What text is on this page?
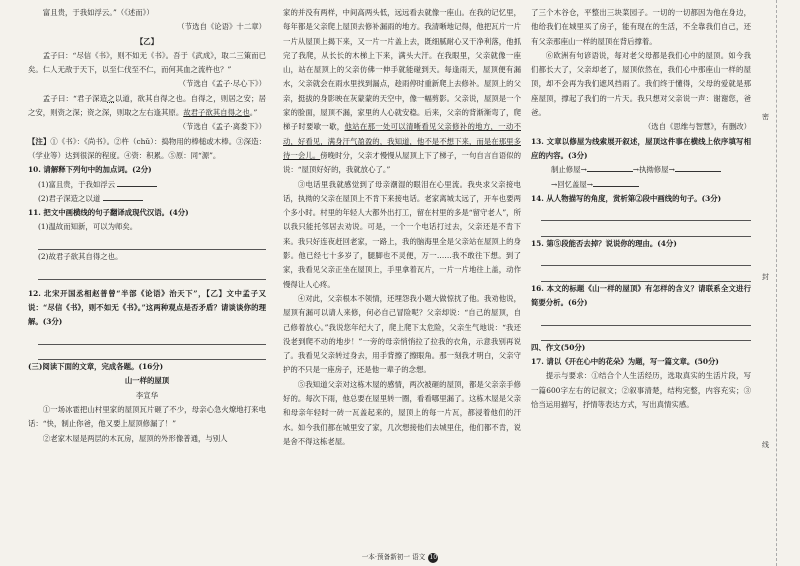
富且贵，于我如浮云。”（《述而》）

（节选自《论语》十二章）

【乙】

孟子曰：“尽信《书》，则不如无《书》。吾于《武成》，取二三策而已矣。仁人无敌于天下，以至仁伐至不仁，而何其血之流杵也？”

（节选自《孟子·尽心下》）

孟子曰：“君子深造之以道，欲其自得之也。自得之，则居之安；居之安，则资之深；资之深，则取之左右逢其原。故君子欲其自得之也。”

（节选自《孟子·离娄下》）

【注】①《书》：《尚书》。②杵（chǔ）：捣物用的棒槌或木棒。③深造：（学业等）达到很深的程度。④资：积累。⑤原：同“源”。

10. 请解释下列句中的加点词。(2分)

(1)富且贵，于我如浮云

(2)君子深造之以道

11. 把文中画横线的句子翻译成现代汉语。(4分)

(1)温故而知新，可以为师矣。

(2)故君子欲其自得之也。

12. 北宋开国丞相赵普曾“半部《论语》治天下”，【乙】文中孟子又说：“尽信《书》，则不如无《书》。”这两种观点是否矛盾？请谈谈你的理解。(3分)

(三)阅读下面的文章，完成各题。(16分)

山一样的屋顶

李宣华

①一场冰雹把山村里家的屋顶瓦片砸了不少，母亲心急火燎地打来电话：“快，制止你爸，他又要上屋顶修漏了！”

②老家木屋是两层的木瓦房，屋顶的外形像普通，与别人

家的并没有两样，中间高两头低，远远看去就像一座山。在我的记忆里，每年都是父亲爬上屋顶去修补漏雨的地方。我清晰地记得，他把瓦片一片一片从屋顶上揭下来，又一片一片盖上去，既细腻耐心又干净利落，他抓完了我爬，从长长的木梯上下来，满头大汗。在我眼里，父亲就像一座山，站在屋顶上的父亲仿佛一伸手就能碰到天。每逢雨天，屋顶便有漏水，父亲就会在雨水里找到漏点，趁雨停时重新爬上去修补。屋顶上的父亲，挺拔的身影映在灰蒙蒙的天空中，像一幅剪影。父亲说，屋顶是一个家的脸面，屋顶不漏，家里的人心就安稳。后来，父亲的背渐渐弯了，爬梯子时要歇一歇，他站在那一处可以清晰看见父亲修补的地方，一动不动，好看见，满身汗气盈盈的，我知道，他不是不想下来，而是在那里多待一会儿。傍晚时分，父亲才慢慢从屋顶上下了梯子，一句自言自语似的说：“屋顶好好的，我就放心了。”

③电话里我就感觉到了母亲潮湿的眼泪在心里流。我央求父亲接电话，执拗的父亲在屋顶上不肯下来接电话。老家离城太远了，开车也要两个多小时。村里的年轻人大都外出打工，留在村里的多是“留守老人”，所以我只能托邻居去劝说。可是，一个一个电话打过去，父亲还是不肯下来。我只好连夜赶回老家，一路上，我的脑海里全是父亲站在屋顶上的身影。他已经七十多岁了，腿脚也不灵便，万一……我不敢往下想。到了家，我看见父亲正坐在屋顶上，手里拿着瓦片，一片一片地往上盖，动作慢得让人心疼。

④对此，父亲根本不领情，还埋怨我小题大做惊扰了他。我劝他说，屋顶有漏可以请人来修，何必自己冒险呢？父亲却说：“自己的屋顶，自己修着放心。”我说您年纪大了，爬上爬下太危险，父亲生气地说：“我还没老到爬不动的地步！”一旁的母亲悄悄拉了拉我的衣角，示意我别再说了。我看见父亲转过身去，用手背擦了擦眼角。那一刻我才明白，父亲守护的不只是一座房子，还是他一辈子的念想。

⑤我知道父亲对这栋木屋的感情，两次被砸的屋顶，都是父亲亲手修好的。每次下雨，他总要在屋里转一圈，看看哪里漏了。这栋木屋是父亲和母亲年轻时一砖一瓦盖起来的，屋顶上的每一片瓦，都浸着他们的汗水。如今我们都在城里安了家，几次想接他们去城里住，他们都不肯，说是舍不得这栋老屋。

了三个木谷仓，平整出三块菜园子。一切的一切都因为他在身边，他给我们在城里买了房子，能有现在的生活，不全靠我们自己，还有父亲那座山一样的屋顶在背后撑着。

⑥欧洲有句谚语说，每对老父母都是我们心中的屋顶。如今我们都长大了，父亲却老了，屋顶依然在，我们心中那座山一样的屋顶，却不会再为我们遮风挡雨了。我们终于懂得，父母的爱就是那座屋顶，撑起了我们的一片天。我只想对父亲说一声：谢谢您，爸爸。

（选自《思维与智慧》，有删改）

13. 文章以修屋为线索展开叙述，屋顶这件事在横线上依序填写相应的内容。(3分)

制止修屋→	→执拗修屋→

→回忆盖屋→

14. 从人物描写的角度，赏析第②段中画线的句子。(3分)

15. 第⑤段能否去掉？说说你的理由。(4分)

16. 本文的标题《山一样的屋顶》有怎样的含义？请联系全文进行简要分析。(6分)

四、作文(50分)

17. 请以《开在心中的花朵》为题，写一篇文章。(50分)

提示与要求：①结合个人生活经历，选取真实的生活片段，写一篇600字左右的记叙文；②叙事清楚，结构完整，内容充实；③恰当运用描写，抒情等表达方式，写出真情实感。

密
封
线
一本·预备新初一 语文 10
